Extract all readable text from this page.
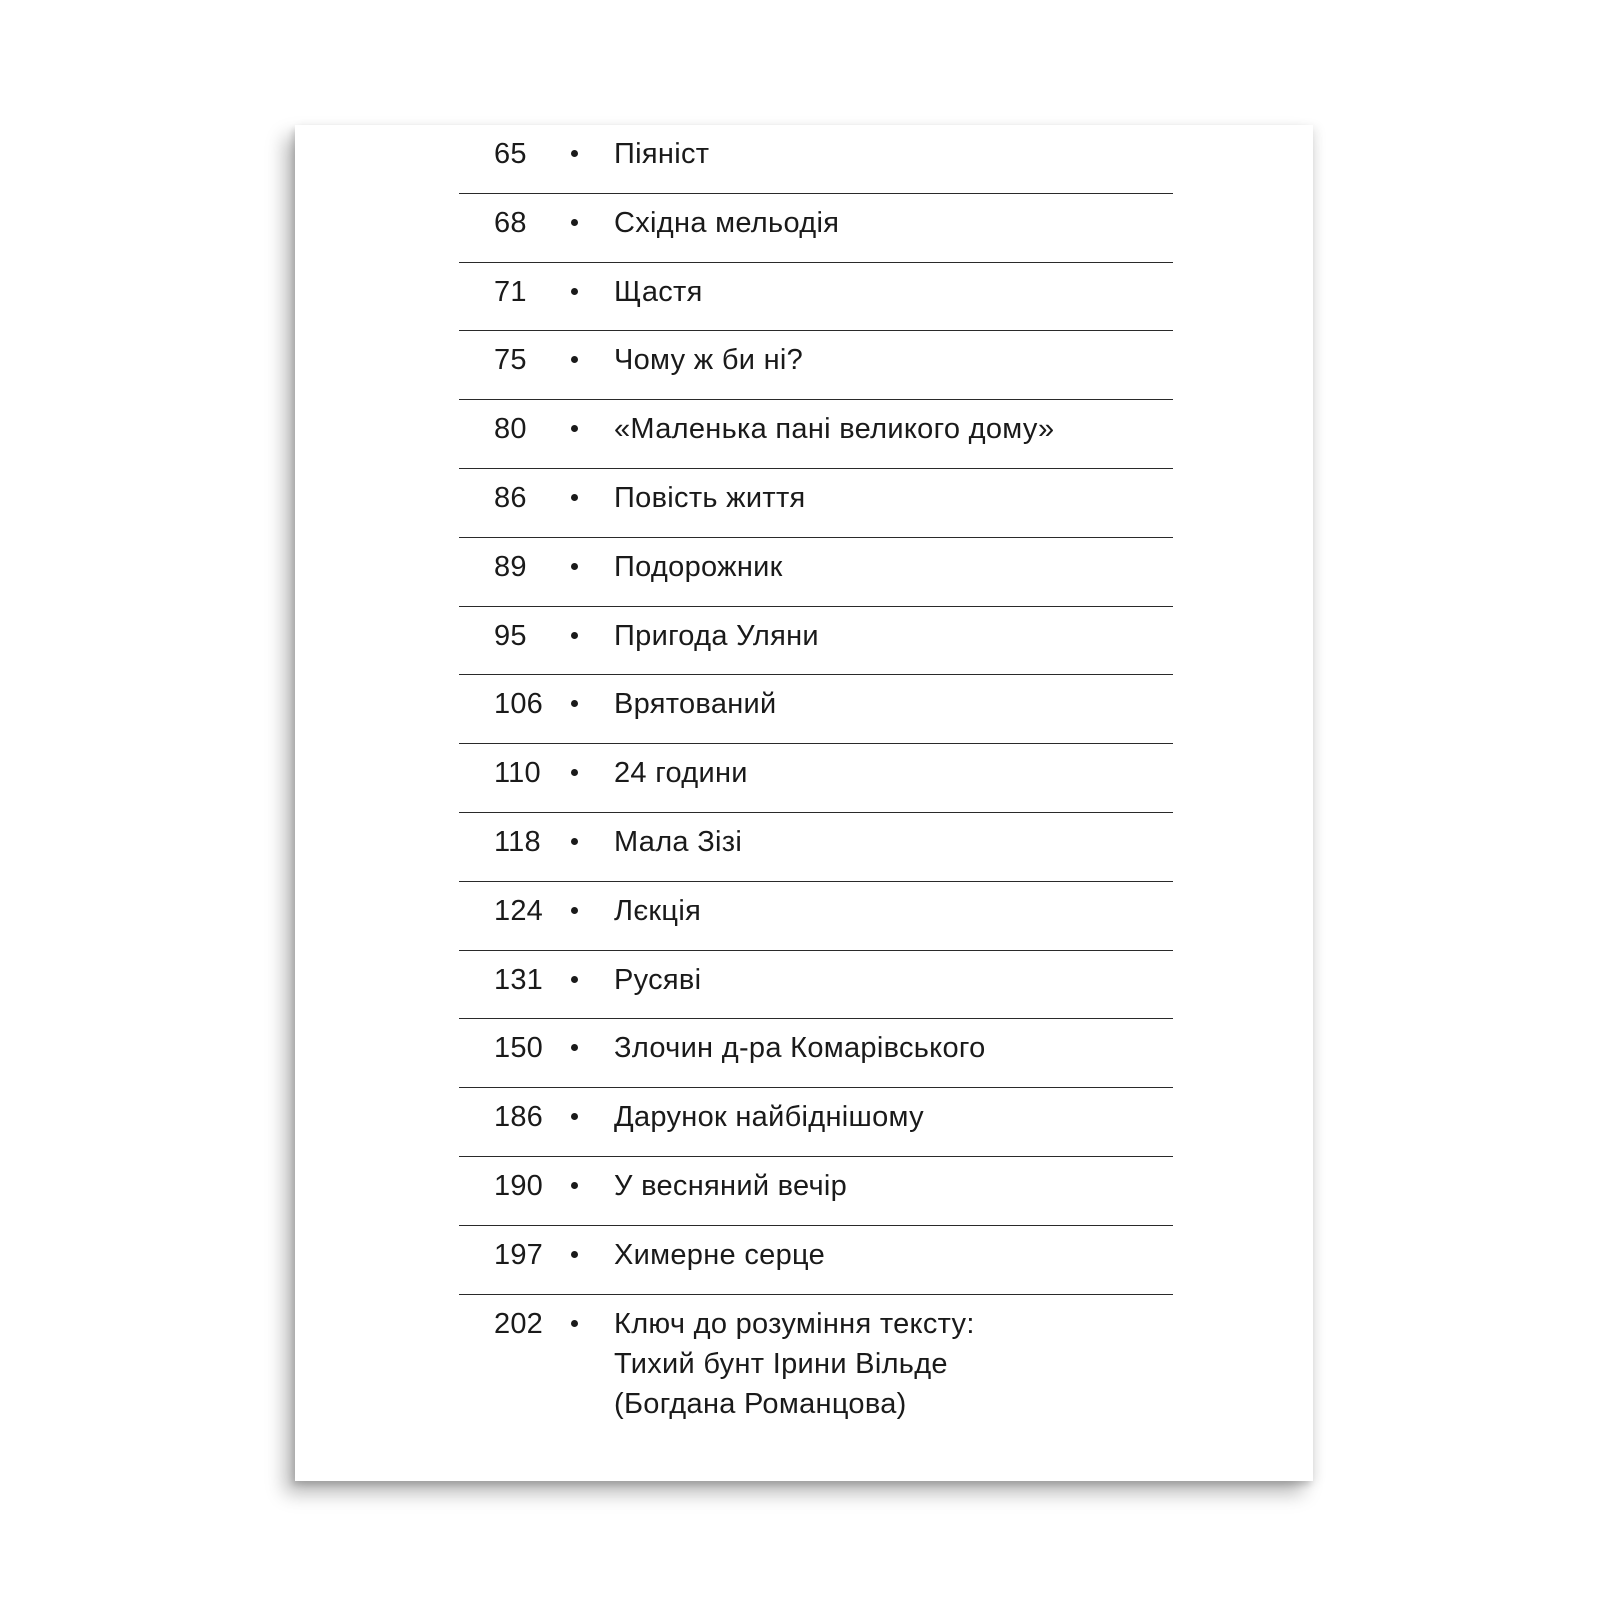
65	Піяніст
68	Східна мельодія
71	Щастя
75	Чому ж би ні?
80	«Маленька пані великого дому»
86	Повість життя
89	Подорожник
95	Пригода Уляни
106 Врятований
110	24 години
118	Мала Зізі
124 Лєкція
131 Русяві
150 Злочин д-ра Комарівського
186 Дарунок найбіднішому
190 У весняний вечір
197 Химерне серце
202 Ключ до розуміння тексту:
Тихий бунт Ірини Вільде
(Богдана Романцова)
